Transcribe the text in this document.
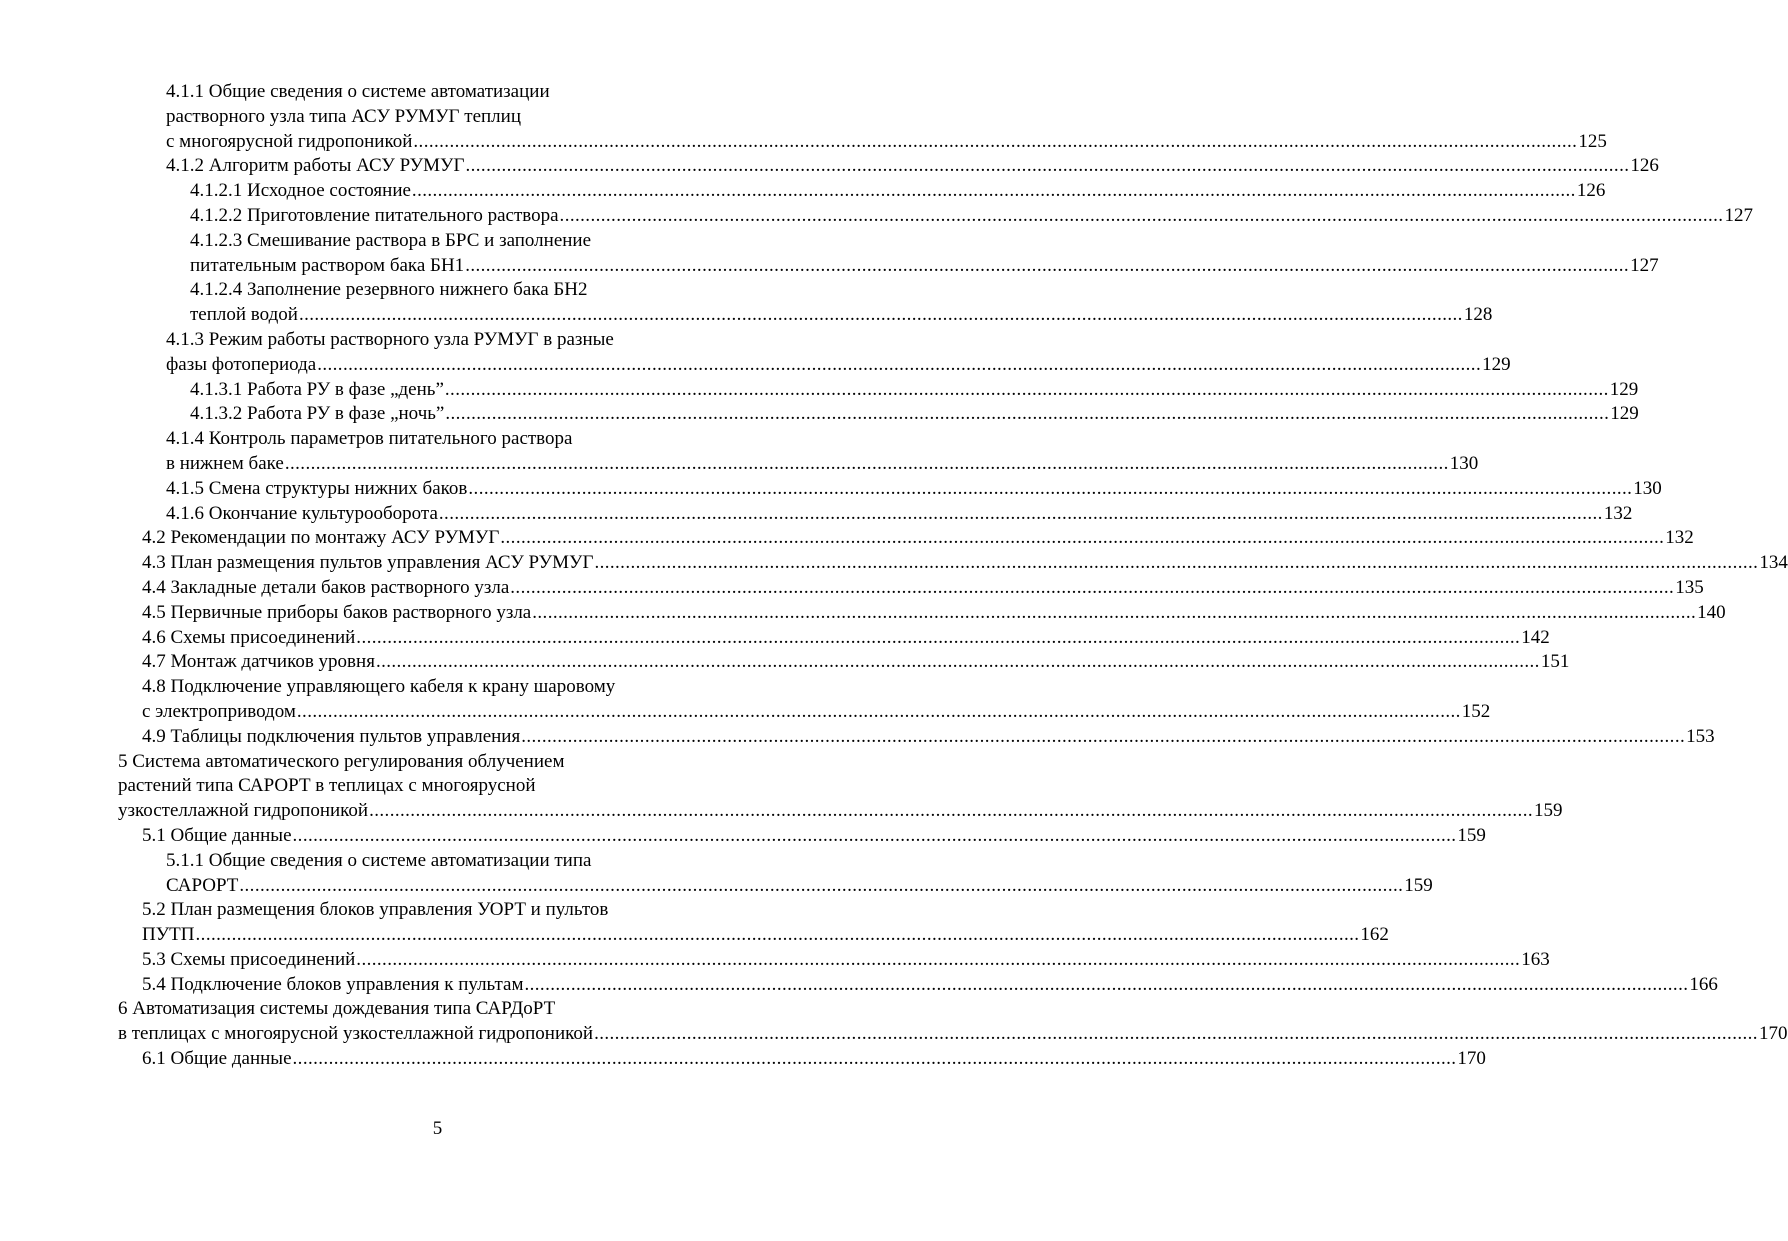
4.1.1 Общие сведения о системе автоматизации
растворного узла типа АСУ РУМУГ теплиц
с многоярусной гидропоникой .....	125
4.1.2 Алгоритм работы АСУ РУМУГ .....	126
4.1.2.1 Исходное состояние .....	126
4.1.2.2 Приготовление питательного раствора .....	127
4.1.2.3 Смешивание раствора в БРС и заполнение
питательным раствором бака БН1 .....	127
4.1.2.4 Заполнение резервного нижнего бака БН2
теплой водой .....	128
4.1.3 Режим работы растворного узла РУМУГ в разные
фазы фотопериода .....	129
4.1.3.1 Работа РУ в фазе „день” .....	129
4.1.3.2 Работа РУ в фазе „ночь” .....	129
4.1.4 Контроль параметров питательного раствора
в нижнем баке .....	130
4.1.5 Смена структуры нижних баков .....	130
4.1.6 Окончание культурооборота .....	132
4.2 Рекомендации по монтажу АСУ РУМУГ .....	132
4.3 План размещения пультов управления АСУ РУМУГ .....	134
4.4 Закладные детали баков растворного узла .....	135
4.5 Первичные приборы баков растворного узла .....	140
4.6 Схемы присоединений .....	142
4.7 Монтаж датчиков уровня .....	151
4.8 Подключение управляющего кабеля к крану шаровому
с электроприводом .....	152
4.9 Таблицы подключения пультов управления .....	153
5 Система автоматического регулирования облучением
растений типа САРОРТ в теплицах с многоярусной
узкостеллажной гидропоникой .....	159
5.1 Общие данные .....	159
5.1.1 Общие сведения о системе автоматизации типа
САРОРТ .....	159
5.2 План размещения блоков управления УОРТ и пультов
ПУТП .....	162
5.3 Схемы присоединений .....	163
5.4 Подключение блоков управления к пультам .....	166
6 Автоматизация системы дождевания типа САРДоРТ
в теплицах с многоярусной узкостеллажной гидропоникой .....	170
6.1 Общие данные .....	170
5
